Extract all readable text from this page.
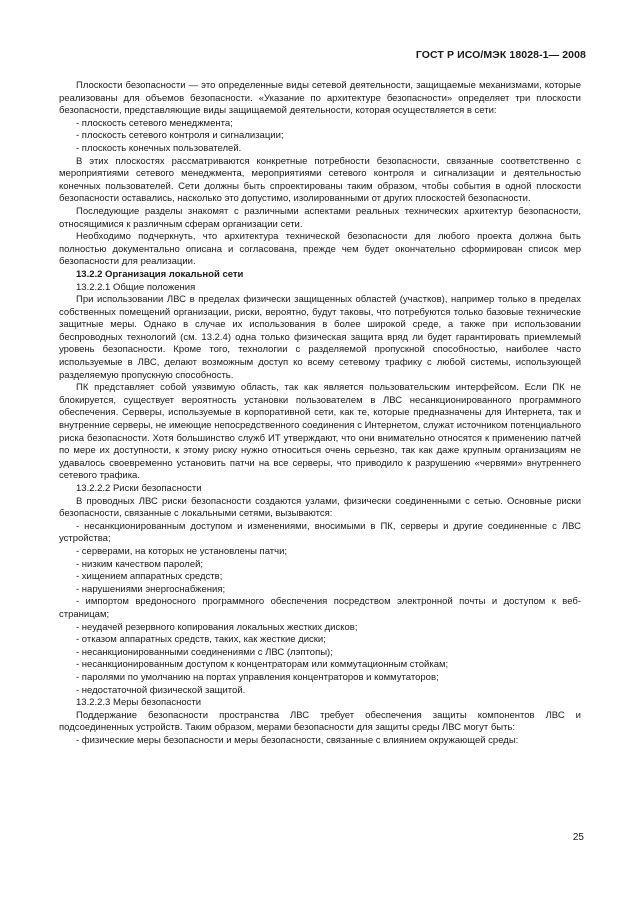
ГОСТ Р ИСО/МЭК 18028-1— 2008

Плоскости безопасности — это определенные виды сетевой деятельности, защищаемые механизмами, которые реализованы для объемов безопасности. «Указание по архитектуре безопасности» определяет три плоскости безопасности, представляющие виды защищаемой деятельности, которая осуществляется в сети:

- плоскость сетевого менеджмента;

- плоскость сетевого контроля и сигнализации;

- плоскость конечных пользователей.

В этих плоскостях рассматриваются конкретные потребности безопасности, связанные соответственно с мероприятиями сетевого менеджмента, мероприятиями сетевого контроля и сигнализации и деятельностью конечных пользователей. Сети должны быть спроектированы таким образом, чтобы события в одной плоскости безопасности оставались, насколько это допустимо, изолированными от других плоскостей безопасности.

Последующие разделы знакомят с различными аспектами реальных технических архитектур безопасности, относящимися к различным сферам организации сети.

Необходимо подчеркнуть, что архитектура технической безопасности для любого проекта должна быть полностью документально описана и согласована, прежде чем будет окончательно сформирован список мер безопасности для реализации.

13.2.2 Организация локальной сети

13.2.2.1 Общие положения

При использовании ЛВС в пределах физически защищенных областей (участков), например только в пределах собственных помещений организации, риски, вероятно, будут таковы, что потребуются только базовые технические защитные меры. Однако в случае их использования в более широкой среде, а также при использовании беспроводных технологий (см. 13.2.4) одна только физическая защита вряд ли будет гарантировать приемлемый уровень безопасности. Кроме того, технологии с разделяемой пропускной способностью, наиболее часто используемые в ЛВС, делают возможным доступ ко всему сетевому трафику с любой системы, использующей разделяемую пропускную способность.

ПК представляет собой уязвимую область, так как является пользовательским интерфейсом. Если ПК не блокируется, существует вероятность установки пользователем в ЛВС несанкционированного программного обеспечения. Серверы, используемые в корпоративной сети, как те, которые предназначены для Интернета, так и внутренние серверы, не имеющие непосредственного соединения с Интернетом, служат источником потенциального риска безопасности. Хотя большинство служб ИТ утверждают, что они внимательно относятся к применению патчей по мере их доступности, к этому риску нужно относиться очень серьезно, так как даже крупным организациям не удавалось своевременно установить патчи на все серверы, что приводило к разрушению «червями» внутреннего сетевого трафика.

13.2.2.2 Риски безопасности

В проводных ЛВС риски безопасности создаются узлами, физически соединенными с сетью. Основные риски безопасности, связанные с локальными сетями, вызываются:

- несанкционированным доступом и изменениями, вносимыми в ПК, серверы и другие соединенные с ЛВС устройства;

- серверами, на которых не установлены патчи;

- низким качеством паролей;

- хищением аппаратных средств;

- нарушениями энергоснабжения;

- импортом вредоносного программного обеспечения посредством электронной почты и доступом к веб-страницам;

- неудачей резервного копирования локальных жестких дисков;

- отказом аппаратных средств, таких, как жесткие диски;

- несанкционированными соединениями с ЛВС (лэптопы);

- несанкционированным доступом к концентраторам или коммутационным стойкам;

- паролями по умолчанию на портах управления концентраторов и коммутаторов;

- недостаточной физической защитой.

13.2.2.3 Меры безопасности

Поддержание безопасности пространства ЛВС требует обеспечения защиты компонентов ЛВС и подсоединенных устройств. Таким образом, мерами безопасности для защиты среды ЛВС могут быть:

- физические меры безопасности и меры безопасности, связанные с влиянием окружающей среды:

25
